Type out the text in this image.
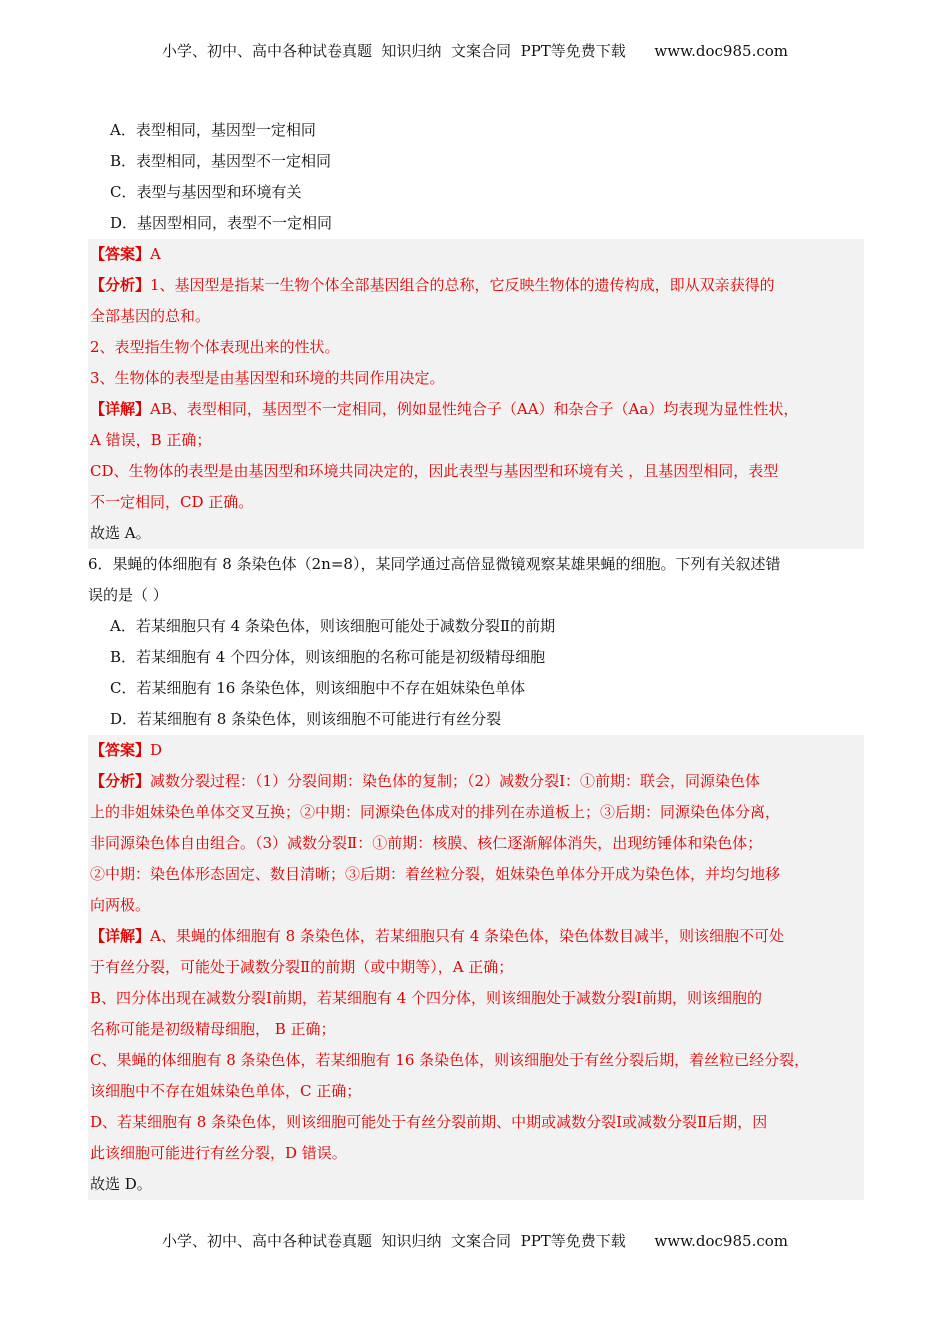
小学、初中、高中各种试卷真题  知识归纳  文案合同  PPT等免费下载      www.doc985.com
A．表型相同，基因型一定相同
B．表型相同，基因型不一定相同
C．表型与基因型和环境有关
D．基因型相同，表型不一定相同
【答案】A
【分析】1、基因型是指某一生物个体全部基因组合的总称，它反映生物体的遗传构成，即从双亲获得的
全部基因的总和。
2、表型指生物个体表现出来的性状。
3、生物体的表型是由基因型和环境的共同作用决定。
【详解】AB、表型相同，基因型不一定相同，例如显性纯合子（AA）和杂合子（Aa）均表现为显性性状，
A 错误，B 正确；
CD、生物体的表型是由基因型和环境共同决定的，因此表型与基因型和环境有关 ，且基因型相同，表型
不一定相同，CD 正确。
故选 A。
6．果蝇的体细胞有 8 条染色体（2n=8），某同学通过高倍显微镜观察某雄果蝇的细胞。下列有关叙述错
误的是（ ）
A．若某细胞只有 4 条染色体，则该细胞可能处于减数分裂Ⅱ的前期
B．若某细胞有 4 个四分体，则该细胞的名称可能是初级精母细胞
C．若某细胞有 16 条染色体，则该细胞中不存在姐妹染色单体
D．若某细胞有 8 条染色体，则该细胞不可能进行有丝分裂
【答案】D
【分析】减数分裂过程：（1）分裂间期：染色体的复制；（2）减数分裂Ⅰ：①前期：联会，同源染色体
上的非姐妹染色单体交叉互换；②中期：同源染色体成对的排列在赤道板上；③后期：同源染色体分离，
非同源染色体自由组合。（3）减数分裂Ⅱ：①前期：核膜、核仁逐渐解体消失，出现纺锤体和染色体；
②中期：染色体形态固定、数目清晰；③后期：着丝粒分裂，姐妹染色单体分开成为染色体，并均匀地移
向两极。
【详解】A、果蝇的体细胞有 8 条染色体，若某细胞只有 4 条染色体，染色体数目减半，则该细胞不可处
于有丝分裂，可能处于减数分裂Ⅱ的前期（或中期等），A 正确；
B、四分体出现在减数分裂Ⅰ前期，若某细胞有 4 个四分体，则该细胞处于减数分裂Ⅰ前期，则该细胞的
名称可能是初级精母细胞， B 正确；
C、果蝇的体细胞有 8 条染色体，若某细胞有 16 条染色体，则该细胞处于有丝分裂后期，着丝粒已经分裂，
该细胞中不存在姐妹染色单体，C 正确；
D、若某细胞有 8 条染色体，则该细胞可能处于有丝分裂前期、中期或减数分裂Ⅰ或减数分裂Ⅱ后期，因
此该细胞可能进行有丝分裂，D 错误。
故选 D。
小学、初中、高中各种试卷真题  知识归纳  文案合同  PPT等免费下载      www.doc985.com
